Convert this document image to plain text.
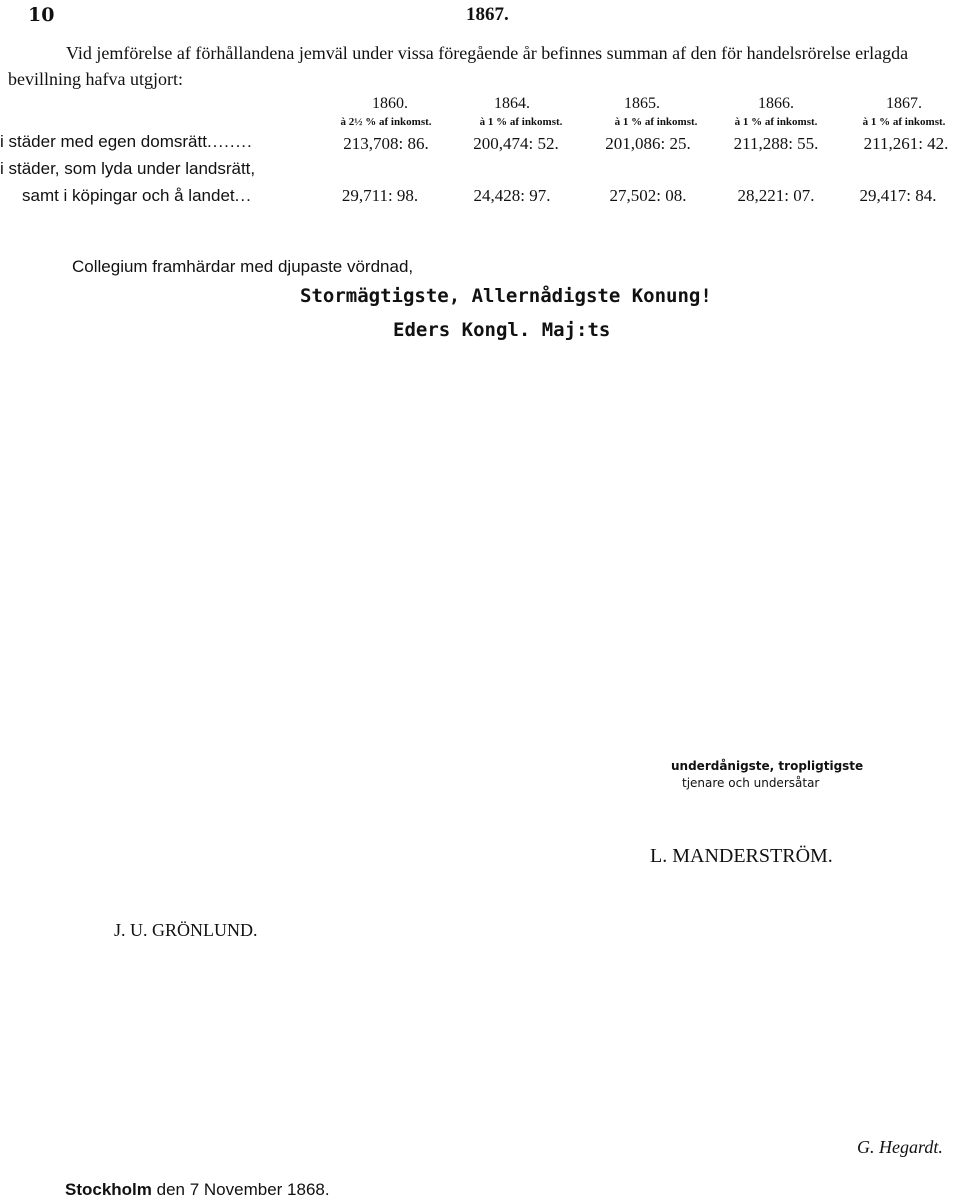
10	1867.
Vid jemförelse af förhållandena jemväl under vissa föregående år befinnes summan af den för handelsrörelse erlagda bevillning hafva utgjort:
1860.	1864.	1865.	1866.	1867.
à 2½ % af inkomst.	à 1 % af inkomst.	à 1 % af inkomst.	à 1 % af inkomst.	à 1 % af inkomst.
i städer med egen domsrätt........	213,708: 86.	200,474: 52.	201,086: 25.	211,288: 55.	211,261: 42.
i städer, som lyda under landsrätt,
samt i köpingar och å landet...	29,711: 98.	24,428: 97.	27,502: 08.	28,221: 07.	29,417: 84.
Collegium framhärdar med djupaste vördnad,
Stormägtigste, Allernådigste Konung!
Eders Kongl. Maj:ts
underdånigste, tropligtigste
tjenare och undersåtar
L. MANDERSTRÖM.
J. U. GRÖNLUND.
G. Hegardt.
Stockholm den 7 November 1868.
